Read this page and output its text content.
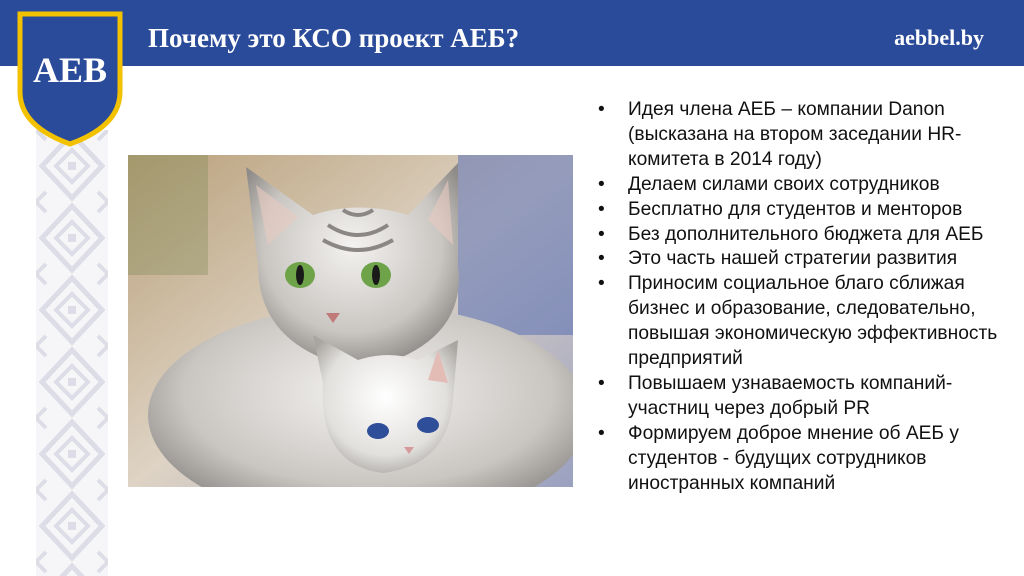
Почему это КСО проект АЕБ?	aebbel.by
АЕВ
• Идея члена АЕБ – компании Danon (высказана на втором заседании HR-комитета в 2014 году)
• Делаем силами своих сотрудников
• Бесплатно для студентов и менторов
• Без дополнительного бюджета для АЕБ
• Это часть нашей стратегии развития
• Приносим социальное благо сближая бизнес и образование, следовательно, повышая экономическую эффективность предприятий
• Повышаем узнаваемость компаний-участниц через добрый PR
• Формируем доброе мнение об АЕБ у студентов - будущих сотрудников иностранных компаний
